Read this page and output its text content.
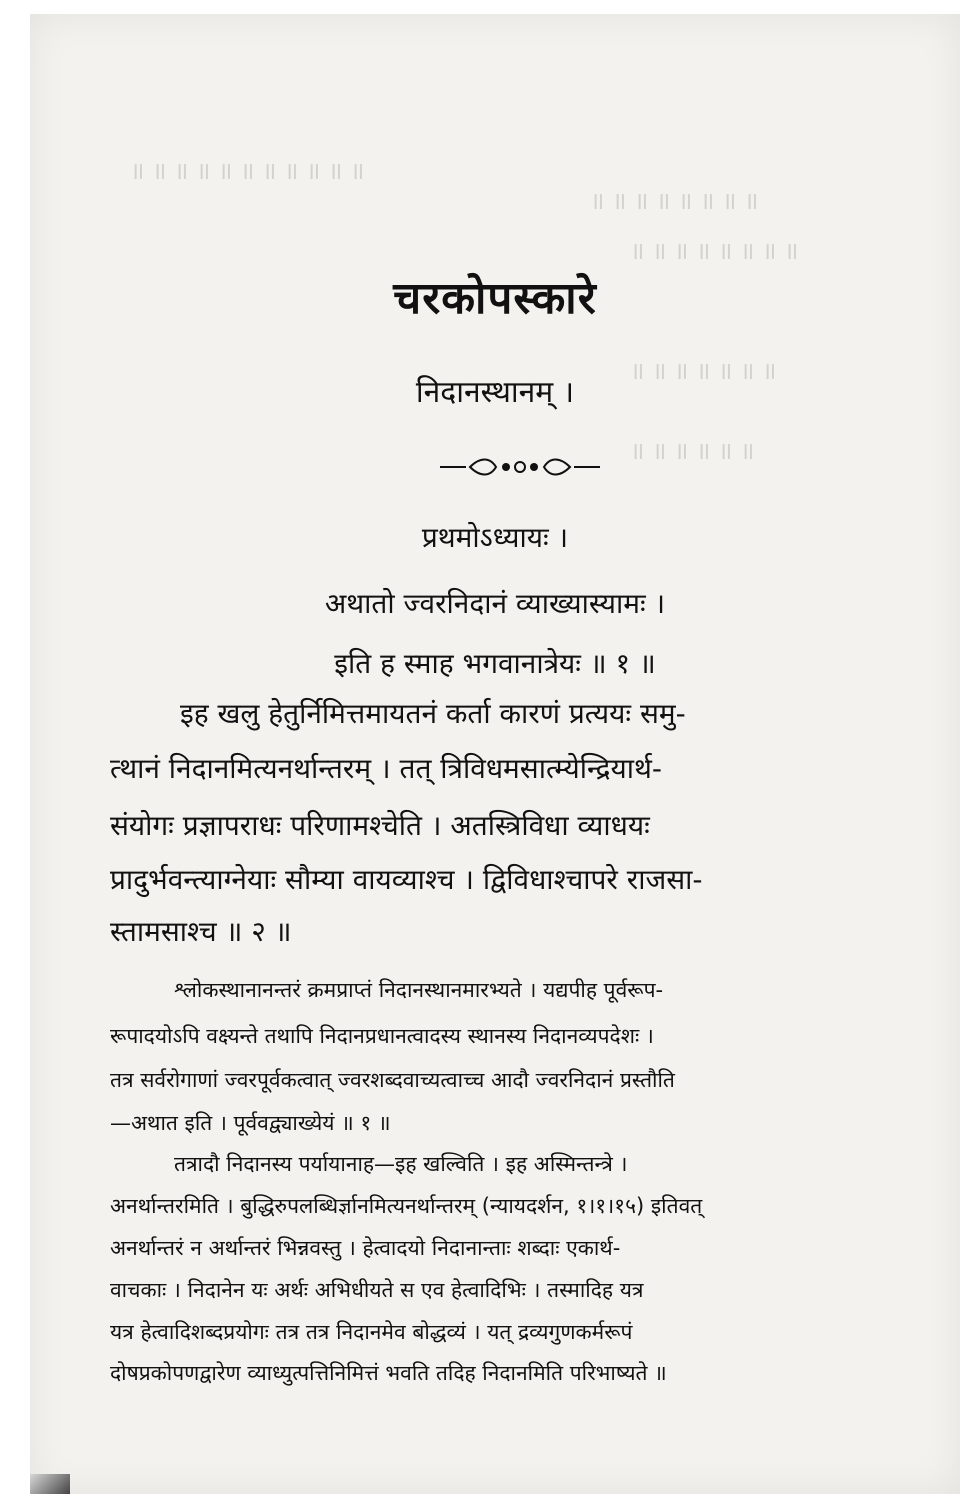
॥ ॥ ॥ ॥ ॥ ॥ ॥ ॥ ॥ ॥ ॥
॥ ॥ ॥ ॥ ॥ ॥ ॥ ॥
॥ ॥ ॥ ॥ ॥ ॥ ॥ ॥
॥ ॥ ॥ ॥ ॥ ॥ ॥
॥ ॥ ॥ ॥ ॥ ॥
चरकोपस्कारे
निदानस्थानम् ।
प्रथमोऽध्यायः ।
अथातो ज्वरनिदानं व्याख्यास्यामः ।
इति ह स्माह भगवानात्रेयः ॥ १ ॥
इह खलु हेतुर्निमित्तमायतनं कर्ता कारणं प्रत्ययः समु-
त्थानं निदानमित्यनर्थान्तरम् । तत् त्रिविधमसात्म्येन्द्रियार्थ-
संयोगः प्रज्ञापराधः परिणामश्चेति । अतस्त्रिविधा व्याधयः
प्रादुर्भवन्त्याग्नेयाः सौम्या वायव्याश्च । द्विविधाश्चापरे राजसा-
स्तामसाश्च ॥ २ ॥
श्लोकस्थानानन्तरं क्रमप्राप्तं निदानस्थानमारभ्यते । यद्यपीह पूर्वरूप-
रूपादयोऽपि वक्ष्यन्ते तथापि निदानप्रधानत्वादस्य स्थानस्य निदानव्यपदेशः ।
तत्र सर्वरोगाणां ज्वरपूर्वकत्वात् ज्वरशब्दवाच्यत्वाच्च आदौ ज्वरनिदानं प्रस्तौति
—अथात इति । पूर्ववद्व्याख्येयं ॥ १ ॥
तत्रादौ निदानस्य पर्यायानाह—इह खल्विति । इह अस्मिन्तन्त्रे ।
अनर्थान्तरमिति । बुद्धिरुपलब्धिर्ज्ञानमित्यनर्थान्तरम् (न्यायदर्शन, १।१।१५) इतिवत्
अनर्थान्तरं न अर्थान्तरं भिन्नवस्तु । हेत्वादयो निदानान्ताः शब्दाः एकार्थ-
वाचकाः । निदानेन यः अर्थः अभिधीयते स एव हेत्वादिभिः । तस्मादिह यत्र
यत्र हेत्वादिशब्दप्रयोगः तत्र तत्र निदानमेव बोद्धव्यं । यत् द्रव्यगुणकर्मरूपं
दोषप्रकोपणद्वारेण व्याध्युत्पत्तिनिमित्तं भवति तदिह निदानमिति परिभाष्यते ॥
